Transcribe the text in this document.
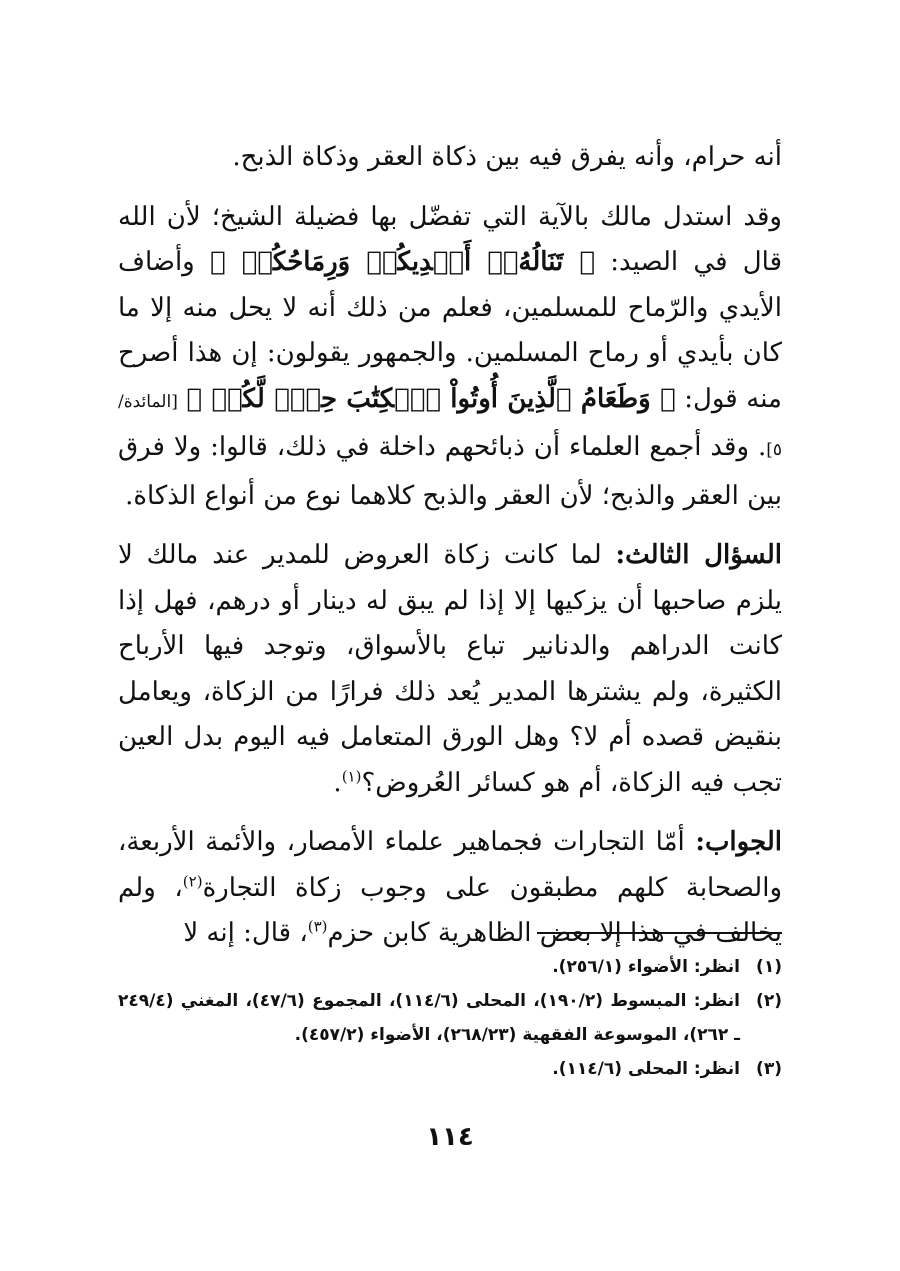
أنه حرام، وأنه يفرق فيه بين ذكاة العقر وذكاة الذبح.

وقد استدل مالك بالآية التي تفضّل بها فضيلة الشيخ؛ لأن الله قال في الصيد: ﴿ تَنَالُهُۥٓ أَيۡدِيكُمۡ وَرِمَاحُكُمۡ ﴾ وأضاف الأيدي والرّماح للمسلمين، فعلم من ذلك أنه لا يحل منه إلا ما كان بأيدي أو رماح المسلمين. والجمهور يقولون: إن هذا أصرح منه قول: ﴿ وَطَعَامُ ٱلَّذِينَ أُوتُواْ ٱلۡكِتَٰبَ حِلّٞ لَّكُمۡ ﴾ [المائدة/ ٥]. وقد أجمع العلماء أن ذبائحهم داخلة في ذلك، قالوا: ولا فرق بين العقر والذبح؛ لأن العقر والذبح كلاهما نوع من أنواع الذكاة.

السؤال الثالث: لما كانت زكاة العروض للمدير عند مالك لا يلزم صاحبها أن يزكيها إلا إذا لم يبق له دينار أو درهم، فهل إذا كانت الدراهم والدنانير تباع بالأسواق، وتوجد فيها الأرباح الكثيرة، ولم يشترها المدير يُعد ذلك فرارًا من الزكاة، ويعامل بنقيض قصده أم لا؟ وهل الورق المتعامل فيه اليوم بدل العين تجب فيه الزكاة، أم هو كسائر العُروض؟$^{(١)}$.

الجواب: أمّا التجارات فجماهير علماء الأمصار، والأئمة الأربعة، والصحابة كلهم مطبقون على وجوب زكاة التجارة$^{(٢)}$، ولم يخالف في هذا إلا بعض الظاهرية كابن حزم$^{(٣)}$، قال: إنه لا

(١)
انظر: الأضواء (٢٥٦/١).
(٢)
انظر: المبسوط (١٩٠/٢)، المحلى (١١٤/٦)، المجموع (٤٧/٦)، المغني (٢٤٩/٤ ـ ٢٦٢)، الموسوعة الفقهية (٢٦٨/٢٣)، الأضواء (٤٥٧/٢).
(٣)
انظر: المحلى (١١٤/٦).
١١٤
